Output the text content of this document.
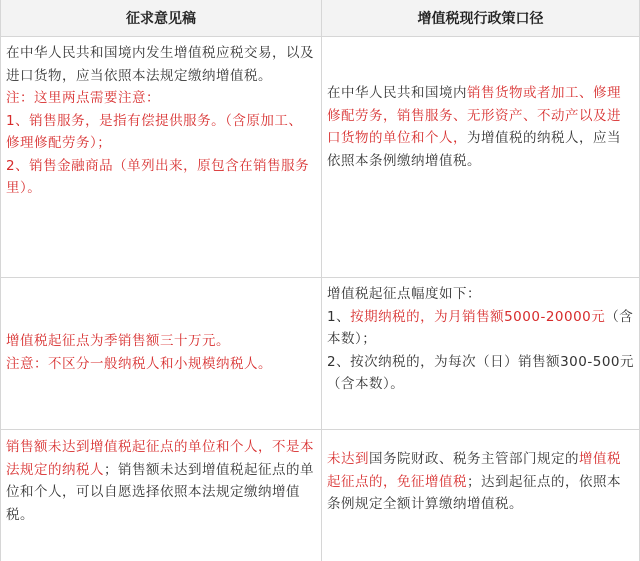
征求意见稿	增值税现行政策口径
在中华人民共和国境内发生增值税应税交易，以及进口货物，应当依照本法规定缴纳增值税。
注：这里两点需要注意：
1、销售服务，是指有偿提供服务。（含原加工、修理修配劳务）；
2、销售金融商品（单列出来，原包含在销售服务里）。
在中华人民共和国境内销售货物或者加工、修理修配劳务，销售服务、无形资产、不动产以及进口货物的单位和个人，为增值税的纳税人，应当依照本条例缴纳增值税。
增值税起征点为季销售额三十万元。
注意：不区分一般纳税人和小规模纳税人。
增值税起征点幅度如下：
1、按期纳税的，为月销售额5000-20000元（含本数）；
2、按次纳税的，为每次（日）销售额300-500元（含本数）。
销售额未达到增值税起征点的单位和个人，不是本法规定的纳税人；销售额未达到增值税起征点的单位和个人，可以自愿选择依照本法规定缴纳增值税。
未达到国务院财政、税务主管部门规定的增值税起征点的，免征增值税；达到起征点的，依照本条例规定全额计算缴纳增值税。
